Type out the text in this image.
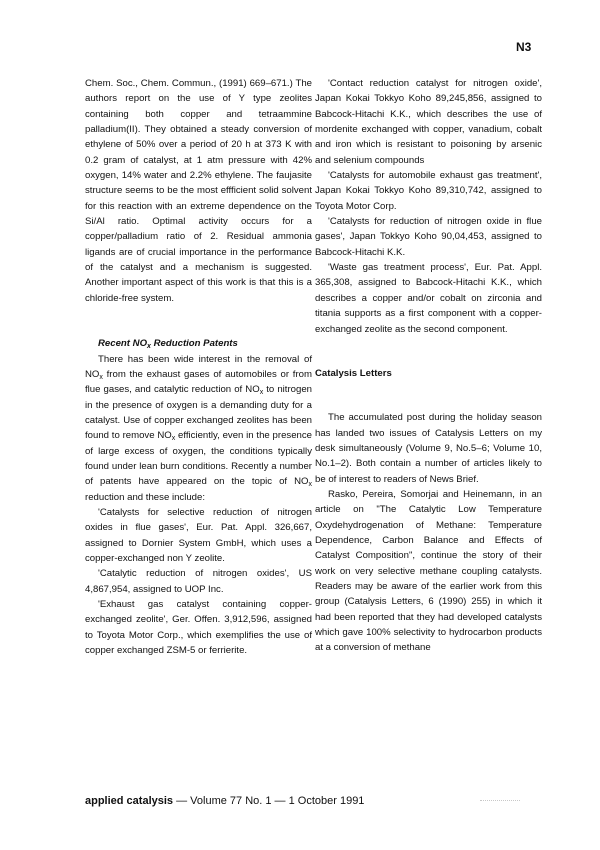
N3

Chem. Soc., Chem. Commun., (1991) 669–671.) The authors report on the use of Y type zeolites containing both copper and tetraammine palladium(II). They obtained a steady conversion of ethylene of 50% over a period of 20 h at 373 K with 0.2 gram of catalyst, at 1 atm pressure with 42% oxygen, 14% water and 2.2% ethylene. The faujasite structure seems to be the most effficient solid solvent for this reaction with an extreme dependence on the Si/Al ratio. Optimal activity occurs for a copper/palladium ratio of 2. Residual ammonia ligands are of crucial importance in the performance of the catalyst and a mechanism is suggested. Another important aspect of this work is that this is a chloride-free system.

Recent $NO_x$ Reduction Patents

There has been wide interest in the removal of $NO_x$ from the exhaust gases of automobiles or from flue gases, and catalytic reduction of $NO_x$ to nitrogen in the presence of oxygen is a demanding duty for a catalyst. Use of copper exchanged zeolites has been found to remove $NO_x$ efficiently, even in the presence of large excess of oxygen, the conditions typically found under lean burn conditions. Recently a number of patents have appeared on the topic of $NO_x$ reduction and these include:

'Catalysts for selective reduction of nitrogen oxides in flue gases', Eur. Pat. Appl. 326,667, assigned to Dornier System GmbH, which uses a copper-exchanged non Y zeolite.

'Catalytic reduction of nitrogen oxides', US 4,867,954, assigned to UOP Inc.

'Exhaust gas catalyst containing copper-exchanged zeolite', Ger. Offen. 3,912,596, assigned to Toyota Motor Corp., which exemplifies the use of copper exchanged ZSM-5 or ferrierite.

'Contact reduction catalyst for nitrogen oxide', Japan Kokai Tokkyo Koho 89,245,856, assigned to Babcock-Hitachi K.K., which describes the use of mordenite exchanged with copper, vanadium, cobalt and iron which is resistant to poisoning by arsenic and selenium compounds

'Catalysts for automobile exhaust gas treatment', Japan Kokai Tokkyo Koho 89,310,742, assigned to Toyota Motor Corp.

'Catalysts for reduction of nitrogen oxide in flue gases', Japan Tokkyo Koho 90,04,453, assigned to Babcock-Hitachi K.K.

'Waste gas treatment process', Eur. Pat. Appl. 365,308, assigned to Babcock-Hitachi K.K., which describes a copper and/or cobalt on zirconia and titania supports as a first component with a copper-exchanged zeolite as the second component.

Catalysis Letters

The accumulated post during the holiday season has landed two issues of Catalysis Letters on my desk simultaneously (Volume 9, No.5–6; Volume 10, No.1–2). Both contain a number of articles likely to be of interest to readers of News Brief.

Rasko, Pereira, Somorjai and Heinemann, in an article on "The Catalytic Low Temperature Oxydehydrogenation of Methane: Temperature Dependence, Carbon Balance and Effects of Catalyst Composition", continue the story of their work on very selective methane coupling catalysts. Readers may be aware of the earlier work from this group (Catalysis Letters, 6 (1990) 255) in which it had been reported that they had developed catalysts which gave 100% selectivity to hydrocarbon products at a conversion of methane

applied catalysis — Volume 77 No. 1 — 1 October 1991
